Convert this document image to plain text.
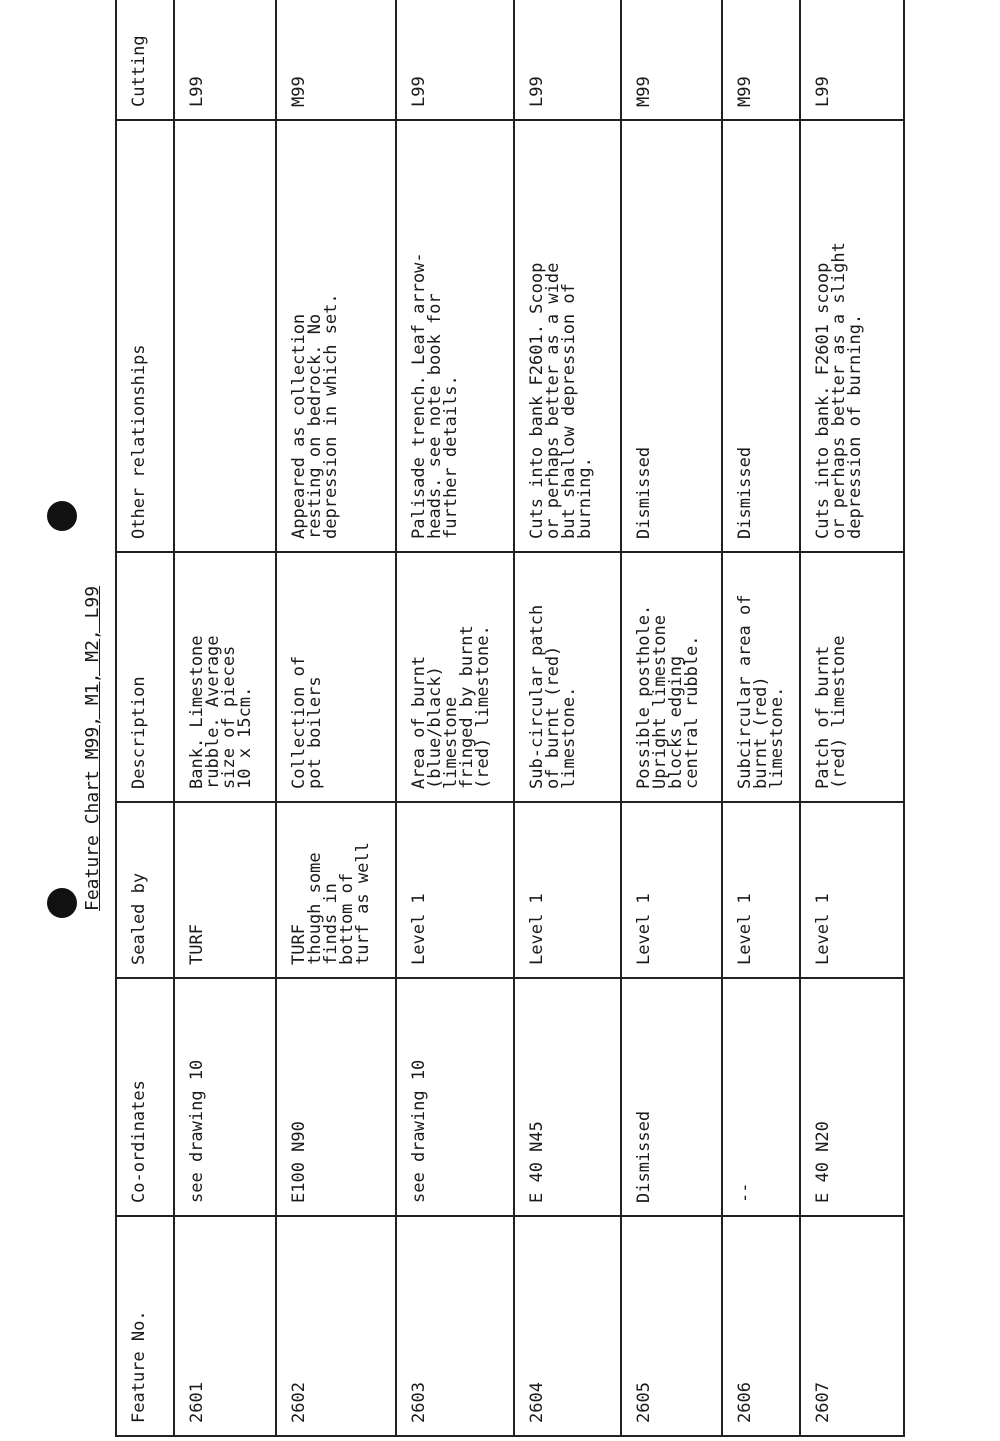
Feature Chart M99, M1, M2, L99
Feature No.	Co-ordinates	Sealed by	Description	Other relationships	Cutting
2601	see drawing 10	TURF	Bank. Limestone
rubble. Average
size of pieces
10 x 15cm.		L99
2602	E100 N90	TURF
though some
finds in
bottom of
turf as well	Collection of
pot boilers	Appeared as collection
resting on bedrock. No
depression in which set.	M99
2603	see drawing 10	Level 1	Area of burnt
(blue/black)
limestone
fringed by burnt
(red) limestone.	Palisade trench. Leaf arrow-
heads. see note book for
further details.	L99
2604	E 40 N45	Level 1	Sub-circular patch
of burnt (red)
limestone.	Cuts into bank F2601. Scoop
or perhaps better as a wide
but shallow depression of
burning.	L99
2605	Dismissed	Level 1	Possible posthole.
Upright limestone
blocks edging
central rubble.	Dismissed	M99
2606	--	Level 1	Subcircular area of
burnt (red)
limestone.	Dismissed	M99
2607	E 40 N20	Level 1	Patch of burnt
(red) limestone	Cuts into bank. F2601 scoop
or perhaps better as a slight
depression of burning.	L99
